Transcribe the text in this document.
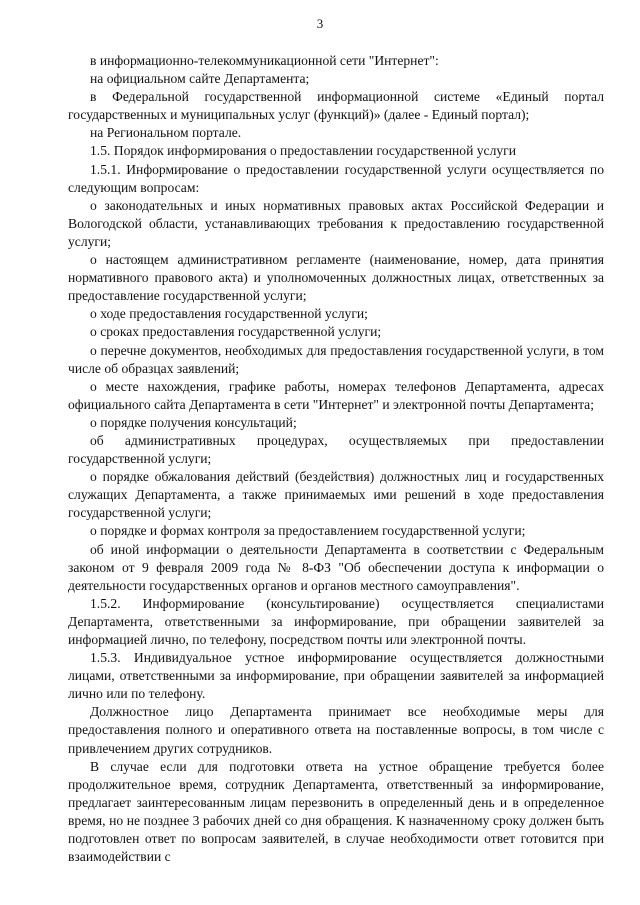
3

в информационно-телекоммуникационной сети "Интернет":

на официальном сайте Департамента;

в Федеральной государственной информационной системе «Единый портал государственных и муниципальных услуг (функций)» (далее - Единый портал);

на Региональном портале.

1.5. Порядок информирования о предоставлении государственной услуги

1.5.1. Информирование о предоставлении государственной услуги осуществляется по следующим вопросам:

о законодательных и иных нормативных правовых актах Российской Федерации и Вологодской области, устанавливающих требования к предоставлению государственной услуги;

о настоящем административном регламенте (наименование, номер, дата принятия нормативного правового акта) и уполномоченных должностных лицах, ответственных за предоставление государственной услуги;

о ходе предоставления государственной услуги;

о сроках предоставления государственной услуги;

о перечне документов, необходимых для предоставления государственной услуги, в том числе об образцах заявлений;

о месте нахождения, графике работы, номерах телефонов Департамента, адресах официального сайта Департамента в сети "Интернет" и электронной почты Департамента;

о порядке получения консультаций;

об административных процедурах, осуществляемых при предоставлении государственной услуги;

о порядке обжалования действий (бездействия) должностных лиц и государственных служащих Департамента, а также принимаемых ими решений в ходе предоставления государственной услуги;

о порядке и формах контроля за предоставлением государственной услуги;

об иной информации о деятельности Департамента в соответствии с Федеральным законом от 9 февраля 2009 года № 8-ФЗ "Об обеспечении доступа к информации о деятельности государственных органов и органов местного самоуправления".

1.5.2. Информирование (консультирование) осуществляется специалистами Департамента, ответственными за информирование, при обращении заявителей за информацией лично, по телефону, посредством почты или электронной почты.

1.5.3. Индивидуальное устное информирование осуществляется должностными лицами, ответственными за информирование, при обращении заявителей за информацией лично или по телефону.

Должностное лицо Департамента принимает все необходимые меры для предоставления полного и оперативного ответа на поставленные вопросы, в том числе с привлечением других сотрудников.

В случае если для подготовки ответа на устное обращение требуется более продолжительное время, сотрудник Департамента, ответственный за информирование, предлагает заинтересованным лицам перезвонить в определенный день и в определенное время, но не позднее 3 рабочих дней со дня обращения. К назначенному сроку должен быть подготовлен ответ по вопросам заявителей, в случае необходимости ответ готовится при взаимодействии с
